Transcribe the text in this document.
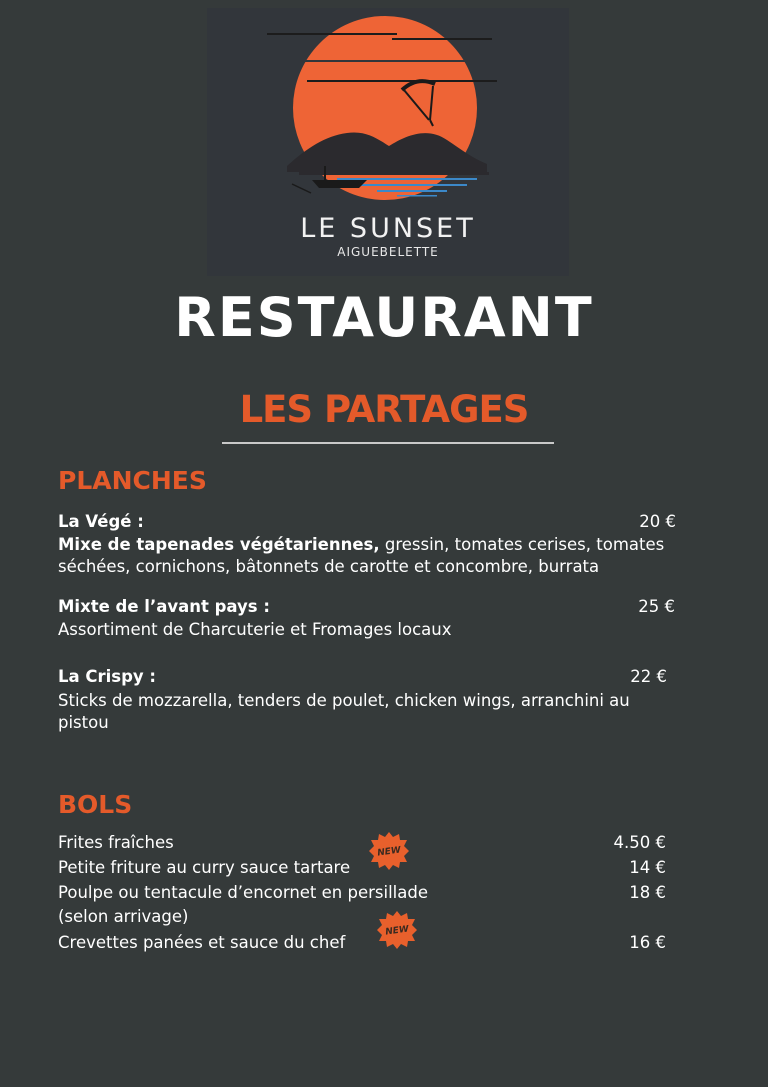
LE SUNSET
AIGUEBELETTE
RESTAURANT
LES PARTAGES
PLANCHES
La Végé :	20 €
Mixe de tapenades végétariennes, gressin, tomates cerises, tomates séchées, cornichons, bâtonnets de carotte et concombre, burrata
Mixte de l’avant pays :	25 €
Assortiment de Charcuterie et Fromages locaux
La Crispy :	22 €
Sticks de mozzarella, tenders de poulet, chicken wings, arranchini au pistou
BOLS
Frites fraîches	4.50 €
Petite friture au curry sauce tartare	14 €
Poulpe ou tentacule d’encornet en persillade	18 €
(selon arrivage)
Crevettes panées et sauce du chef	16 €
NEW
NEW
